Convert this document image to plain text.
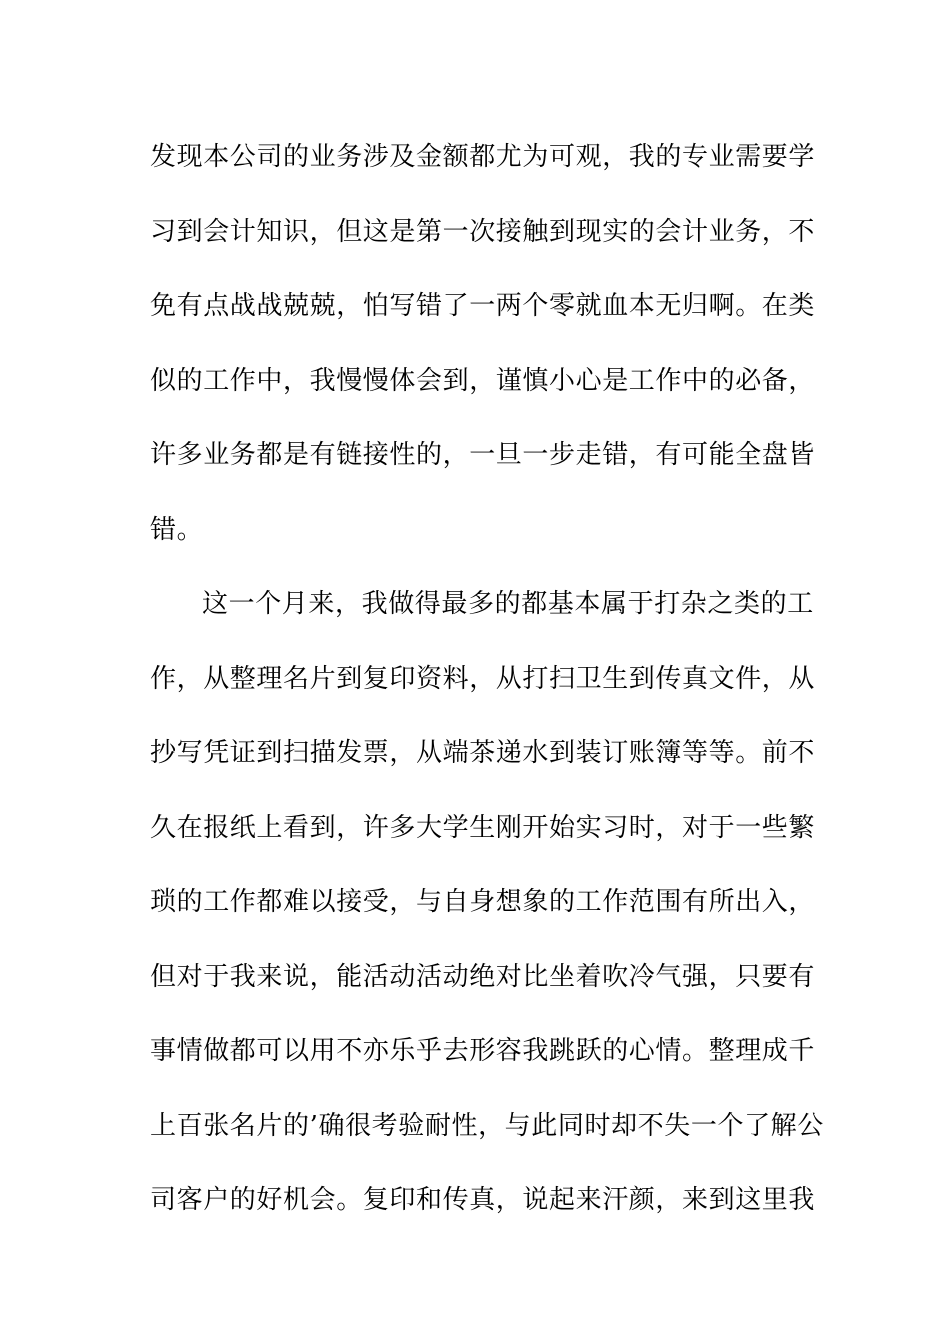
发现本公司的业务涉及金额都尤为可观，我的专业需要学
习到会计知识，但这是第一次接触到现实的会计业务，不
免有点战战兢兢，怕写错了一两个零就血本无归啊。在类
似的工作中，我慢慢体会到，谨慎小心是工作中的必备，
许多业务都是有链接性的，一旦一步走错，有可能全盘皆
错。
这一个月来，我做得最多的都基本属于打杂之类的工
作，从整理名片到复印资料，从打扫卫生到传真文件，从
抄写凭证到扫描发票，从端茶递水到装订账簿等等。前不
久在报纸上看到，许多大学生刚开始实习时，对于一些繁
琐的工作都难以接受，与自身想象的工作范围有所出入，
但对于我来说，能活动活动绝对比坐着吹冷气强，只要有
事情做都可以用不亦乐乎去形容我跳跃的心情。整理成千
上百张名片的’确很考验耐性，与此同时却不失一个了解公
司客户的好机会。复印和传真，说起来汗颜，来到这里我
